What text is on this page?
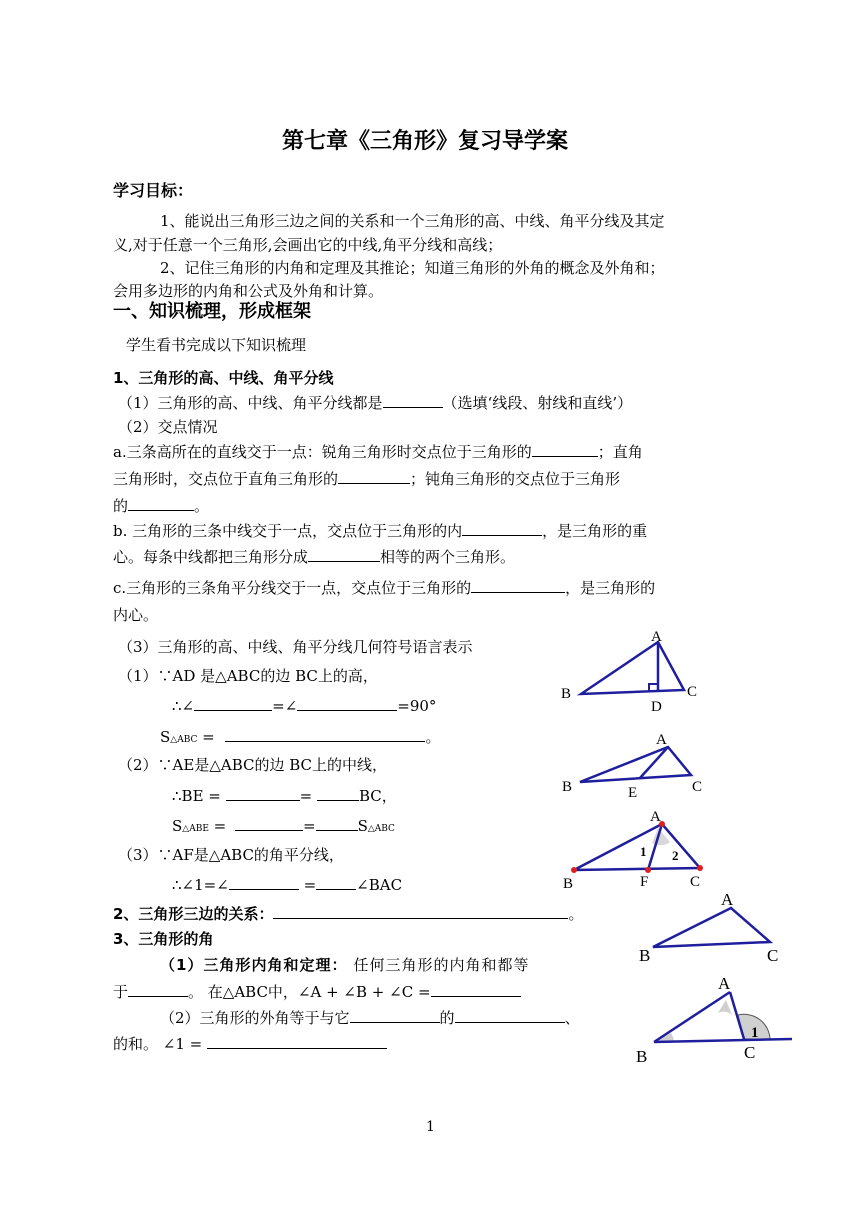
第七章《三角形》复习导学案
学习目标：
1、能说出三角形三边之间的关系和一个三角形的高、中线、角平分线及其定
义,对于任意一个三角形,会画出它的中线,角平分线和高线；
2、记住三角形的内角和定理及其推论；知道三角形的外角的概念及外角和；
会用多边形的内角和公式及外角和计算。
一、知识梳理，形成框架
学生看书完成以下知识梳理
1、三角形的高、中线、角平分线
（1）三角形的高、中线、角平分线都是	（选填‘线段、射线和直线’）
（2）交点情况
a.三条高所在的直线交于一点：锐角三角形时交点位于三角形的	；直角
三角形时，交点位于直角三角形的	；钝角三角形的交点位于三角形
的	。
b. 三角形的三条中线交于一点，交点位于三角形的内	，是三角形的重
心。每条中线都把三角形分成	相等的两个三角形。
c.三角形的三条角平分线交于一点，交点位于三角形的	，是三角形的
内心。
（3）三角形的高、中线、角平分线几何符号语言表示
（1）∵AD 是△ABC的边 BC上的高，
∴∠	=∠	=90°
S△ABC =	。
（2）∵AE是△ABC的边 BC上的中线，
∴BE =	=	BC，
S△ABE =	=	S△ABC
（3）∵AF是△ABC的角平分线，
∴∠1=∠	=	∠BAC
2、三角形三边的关系：	。
3、三角形的角
（1）三角形内角和定理： 任何三角形的内角和都等
于	。 在△ABC中，∠A + ∠B + ∠C =
（2）三角形的外角等于与它	的	、
的和。 ∠1 =
1
A
B	C
D
A
B	C
E
A
B	C
F
1 2
A
B	C
A
B	C
1
